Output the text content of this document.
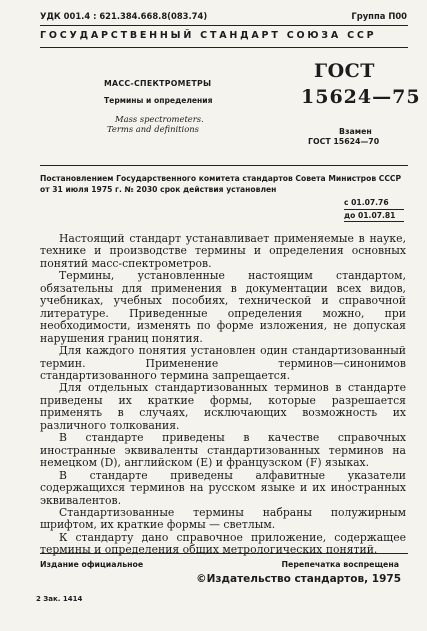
УДК 001.4 : 621.384.668.8(083.74)	Группа П00
ГОСУДАРСТВЕННЫЙ СТАНДАРТ СОЮЗА ССР
МАСС-СПЕКТРОМЕТРЫ
Термины и определения
Mass spectrometers.
Terms and definitions
ГОСТ
15624—75
Взамен
ГОСТ 15624—70
Постановлением Государственного комитета стандартов Совета Министров СССР
от 31 июля 1975 г. № 2030 срок действия установлен
с 01.07.76
до 01.07.81

Настоящий стандарт устанавливает применяемые в науке, технике и производстве термины и определения основных понятий масс-спектрометров.

Термины, установленные настоящим стандартом, обязательны для применения в документации всех видов, учебниках, учебных пособиях, технической и справочной литературе. Приведенные определения можно, при необходимости, изменять по форме изложения, не допуская нарушения границ понятия.

Для каждого понятия установлен один стандартизованный термин. Применение терминов—синонимов стандартизованного термина запрещается.

Для отдельных стандартизованных терминов в стандарте приведены их краткие формы, которые разрешается применять в случаях, исключающих возможность их различного толкования.

В стандарте приведены в качестве справочных иностранные эквиваленты стандартизованных терминов на немецком (D), английском (E) и французском (F) языках.

В стандарте приведены алфавитные указатели содержащихся терминов на русском языке и их иностранных эквивалентов.

Стандартизованные термины набраны полужирным шрифтом, их краткие формы — светлым.

К стандарту дано справочное приложение, содержащее термины и определения общих метрологических понятий.

Издание официальное	Перепечатка воспрещена
©Издательство стандартов, 1975
2 Зак. 1414
